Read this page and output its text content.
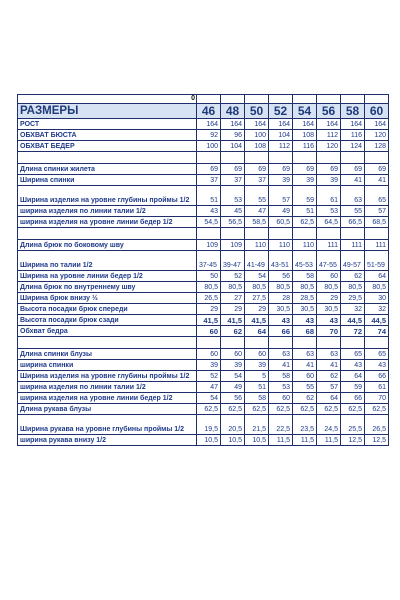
0								
РАЗМЕРЫ	46	48	50	52	54	56	58	60
РОСТ	164	164	164	164	164	164	164	164
ОБХВАТ БЮСТА	92	96	100	104	108	112	116	120
ОБХВАТ БЕДЕР	100	104	108	112	116	120	124	128

Длина спинки жилета	69	69	69	69	69	69	69	69
Ширина спинки	37	37	37	39	39	39	41	41
Ширина изделия на уровне глубины проймы 1/2	51	53	55	57	59	61	63	65
ширина изделия по линии талии 1/2	43	45	47	49	51	53	55	57
ширина изделия на уровне линии бедер 1/2	54,5	56,5	58,5	60,5	62,5	64,5	66,5	68,5

Длина брюк по боковому шву	109	109	110	110	110	111	111	111
Ширина по талии 1/2	37-45	39-47	41-49	43-51	45-53	47-55	49-57	51-59
Ширина на уровне линии бедер 1/2	50	52	54	56	58	60	62	64
Длина брюк по внутреннему шву	80,5	80,5	80,5	80,5	80,5	80,5	80,5	80,5
Ширина брюк внизу ½	26,5	27	27,5	28	28,5	29	29,5	30
Высота посадки брюк спереди	29	29	29	30,5	30,5	30,5	32	32
Высота посадки брюк сзади	41,5	41,5	41,5	43	43	43	44,5	44,5
Обхват бедра	60	62	64	66	68	70	72	74

Длина спинки блузы	60	60	60	63	63	63	65	65
ширина спинки	39	39	39	41	41	41	43	43
Ширина изделия на уровне глубины проймы 1/2	52	54	5	58	60	62	64	66
ширина изделия по линии талии 1/2	47	49	51	53	55	57	59	61
ширина изделия на уровне линии бедер 1/2	54	56	58	60	62	64	66	70
Длина рукава блузы	62,5	62,5	62,5	62,5	62,5	62,5	62,5	62,5
Ширина рукава на уровне глубины проймы 1/2	19,5	20,5	21,5	22,5	23,5	24,5	25,5	26,5
ширина рукава внизу 1/2	10,5	10,5	10,5	11,5	11,5	11,5	12,5	12,5
